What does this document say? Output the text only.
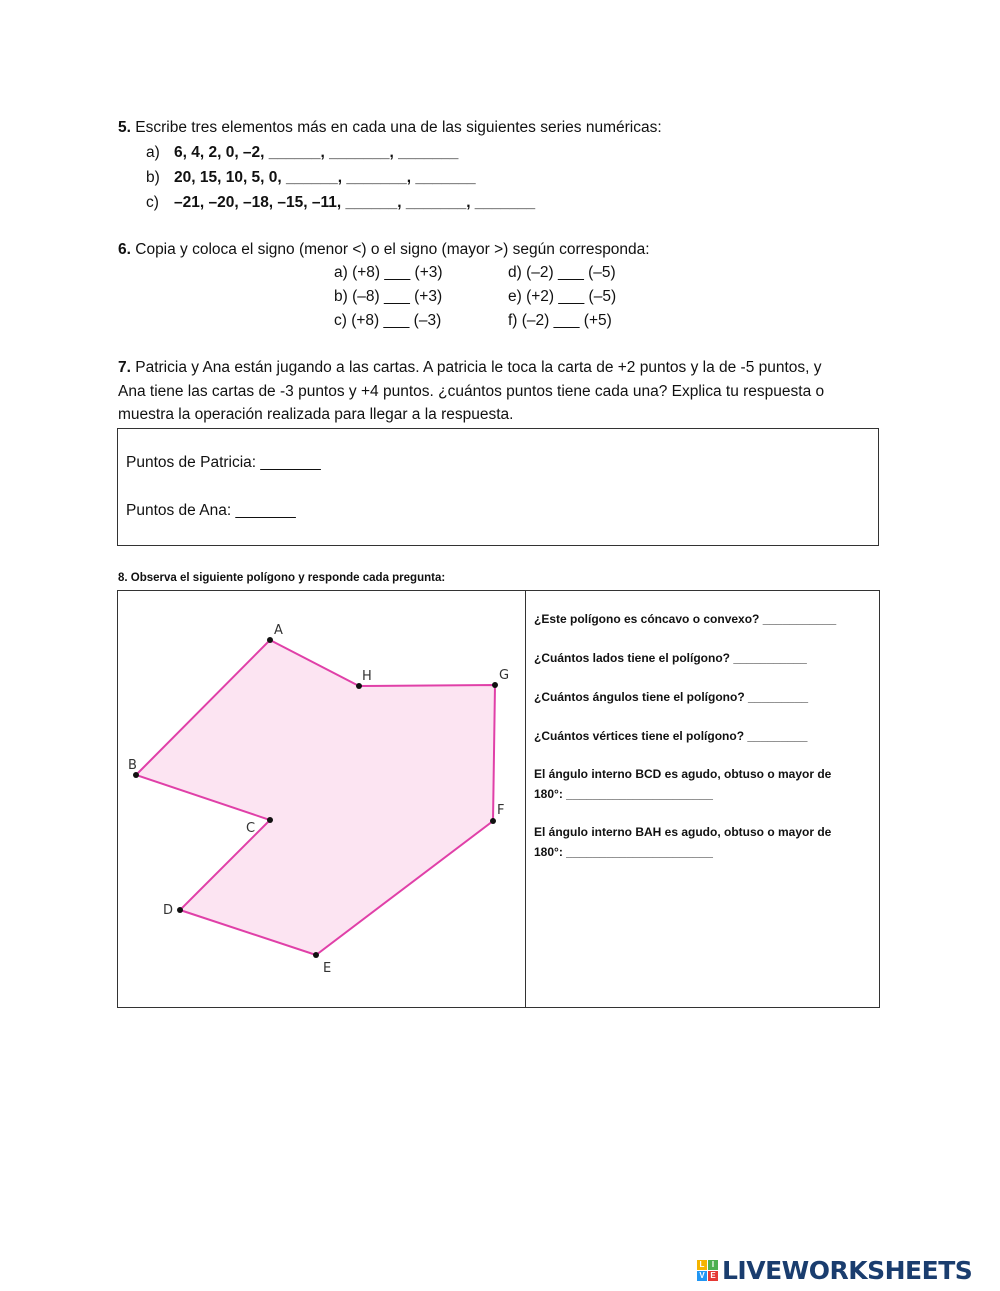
5. Escribe tres elementos más en cada una de las siguientes series numéricas:
a) 6, 4, 2, 0, –2, ______, _______, _______
b) 20, 15, 10, 5, 0, ______, _______, _______
c) –21, –20, –18, –15, –11, ______, _______, _______
6. Copia y coloca el signo (menor <) o el signo (mayor >) según corresponda:
a) (+8) ___ (+3)
b) (–8) ___ (+3)
c) (+8) ___ (–3)
d) (–2) ___ (–5)
e) (+2) ___ (–5)
f) (–2) ___ (+5)
7. Patricia y Ana están jugando a las cartas. A patricia le toca la carta de +2 puntos y la de -5 puntos, y
Ana tiene las cartas de -3 puntos y +4 puntos. ¿cuántos puntos tiene cada una? Explica tu respuesta o
muestra la operación realizada para llegar a la respuesta.
Puntos de Patricia: _______
Puntos de Ana: _______
8. Observa el siguiente polígono y responde cada pregunta:
A
H	G
F
E
D
C
B
¿Este polígono es cóncavo o convexo? ___________
¿Cuántos lados tiene el polígono? ___________
¿Cuántos ángulos tiene el polígono? _________
¿Cuántos vértices tiene el polígono? _________
El ángulo interno BCD es agudo, obtuso o mayor de
180°: ______________________
El ángulo interno BAH es agudo, obtuso o mayor de
180°: ______________________
L I
V E LIVEWORKSHEETS
